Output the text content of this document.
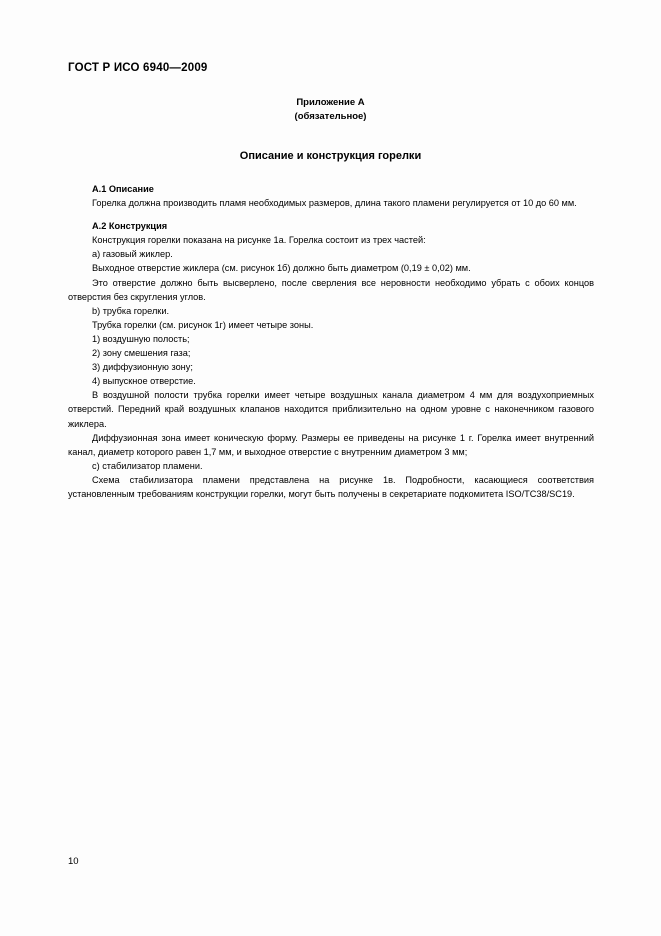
ГОСТ Р ИСО 6940—2009
Приложение А
(обязательное)
Описание и конструкция горелки

А.1 Описание

Горелка должна производить пламя необходимых размеров, длина такого пламени регулируется от 10 до 60 мм.

А.2 Конструкция

Конструкция горелки показана на рисунке 1а. Горелка состоит из трех частей:

a) газовый жиклер.

Выходное отверстие жиклера (см. рисунок 1б) должно быть диаметром (0,19 ± 0,02) мм.

Это отверстие должно быть высверлено, после сверления все неровности необходимо убрать с обоих концов отверстия без скругления углов.

b) трубка горелки.

Трубка горелки (см. рисунок 1г) имеет четыре зоны.

1) воздушную полость;

2) зону смешения газа;

3) диффузионную зону;

4) выпускное отверстие.

В воздушной полости трубка горелки имеет четыре воздушных канала диаметром 4 мм для воздухоприемных отверстий. Передний край воздушных клапанов находится приблизительно на одном уровне с наконечником газового жиклера.

Диффузионная зона имеет коническую форму. Размеры ее приведены на рисунке 1 г. Горелка имеет внутренний канал, диаметр которого равен 1,7 мм, и выходное отверстие с внутренним диаметром 3 мм;

c) стабилизатор пламени.

Схема стабилизатора пламени представлена на рисунке 1в. Подробности, касающиеся соответствия установленным требованиям конструкции горелки, могут быть получены в секретариате подкомитета ISO/TC38/SC19.

10
